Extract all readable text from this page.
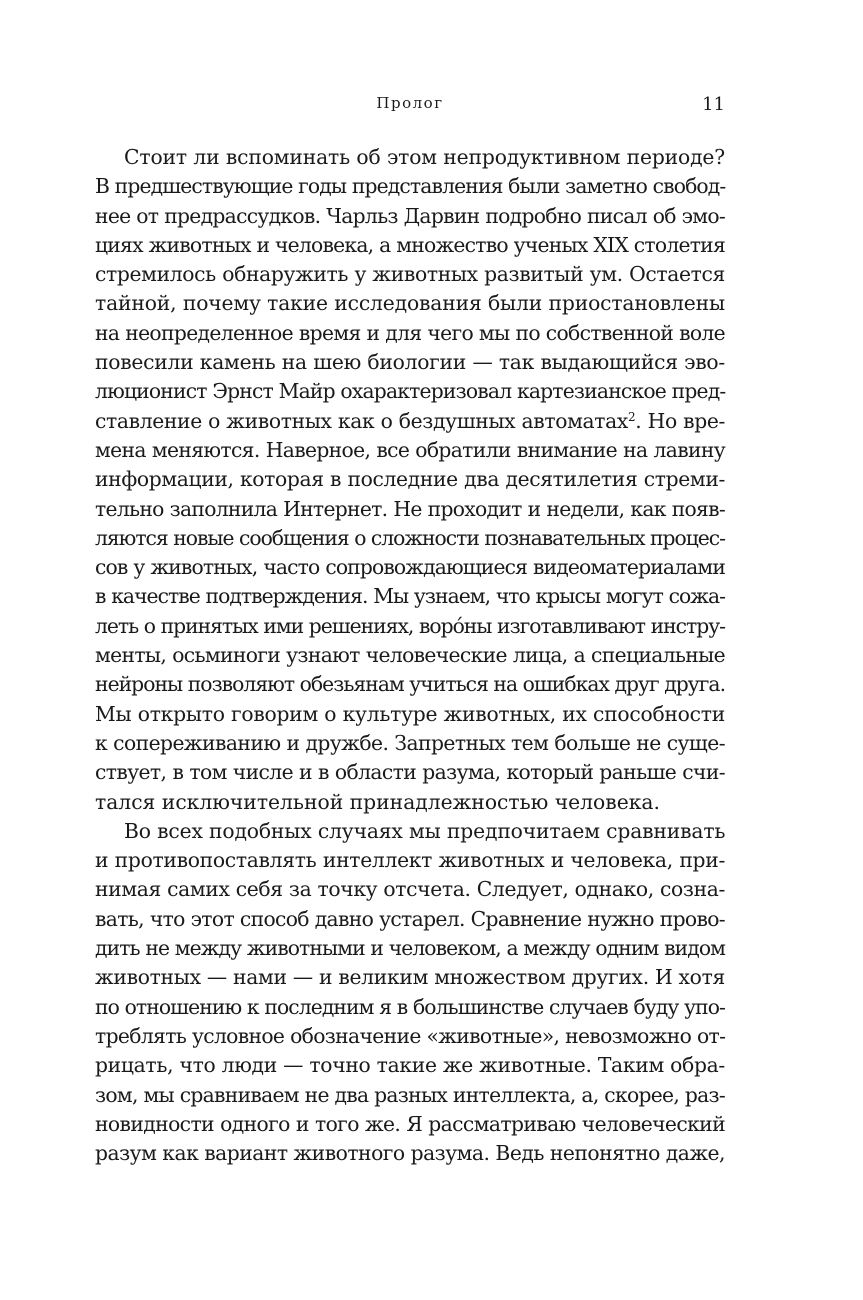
Пролог	11
Стоит ли вспоминать об этом непродуктивном периоде?
В предшествующие годы представления были заметно свобод-
нее от предрассудков. Чарльз Дарвин подробно писал об эмо-
циях животных и человека, а множество ученых XIX столетия
стремилось обнаружить у животных развитый ум. Остается
тайной, почему такие исследования были приостановлены
на неопределенное время и для чего мы по собственной воле
повесили камень на шею биологии — так выдающийся эво-
люционист Эрнст Майр охарактеризовал картезианское пред-
ставление о животных как о бездушных автоматах$^2$. Но вре-
мена меняются. Наверное, все обратили внимание на лавину
информации, которая в последние два десятилетия стреми-
тельно заполнила Интернет. Не проходит и недели, как появ-
ляются новые сообщения о сложности познавательных процес-
сов у животных, часто сопровождающиеся видеоматериалами
в качестве подтверждения. Мы узнаем, что крысы могут сожа-
леть о принятых ими решениях, воро́ны изготавливают инстру-
менты, осьминоги узнают человеческие лица, а специальные
нейроны позволяют обезьянам учиться на ошибках друг друга.
Мы открыто говорим о культуре животных, их способности
к сопереживанию и дружбе. Запретных тем больше не суще-
ствует, в том числе и в области разума, который раньше счи-
тался исключительной принадлежностью человека.
Во всех подобных случаях мы предпочитаем сравнивать
и противопоставлять интеллект животных и человека, при-
нимая самих себя за точку отсчета. Следует, однако, созна-
вать, что этот способ давно устарел. Сравнение нужно прово-
дить не между животными и человеком, а между одним видом
животных — нами — и великим множеством других. И хотя
по отношению к последним я в большинстве случаев буду упо-
треблять условное обозначение «животные», невозможно от-
рицать, что люди — точно такие же животные. Таким обра-
зом, мы сравниваем не два разных интеллекта, а, скорее, раз-
новидности одного и того же. Я рассматриваю человеческий
разум как вариант животного разума. Ведь непонятно даже,
